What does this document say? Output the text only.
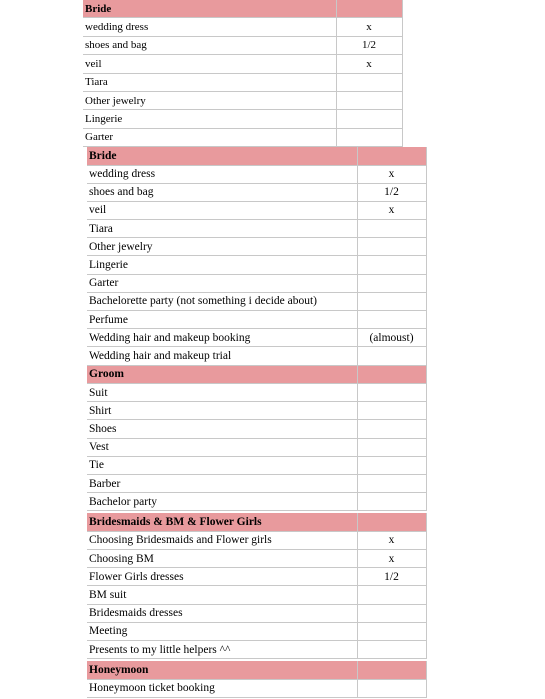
Bride	
wedding dress	x
shoes and bag	1/2
veil	x
Tiara	
Other jewelry	
Lingerie	
Garter	
Bride	
wedding dress	x
shoes and bag	1/2
veil	x
Tiara	
Other jewelry	
Lingerie	
Garter	
Bachelorette party (not something i decide about)	
Perfume	
Wedding hair and makeup booking	(almoust)
Wedding hair and makeup trial	
Groom	
Suit	
Shirt	
Shoes	
Vest	
Tie	
Barber	
Bachelor party	

Bridesmaids & BM & Flower Girls	
Choosing Bridesmaids and Flower girls	x
Choosing BM	x
Flower Girls dresses	1/2
BM suit	
Bridesmaids dresses	
Meeting	
Presents to my little helpers ^^	

Honeymoon	
Honeymoon ticket booking	
